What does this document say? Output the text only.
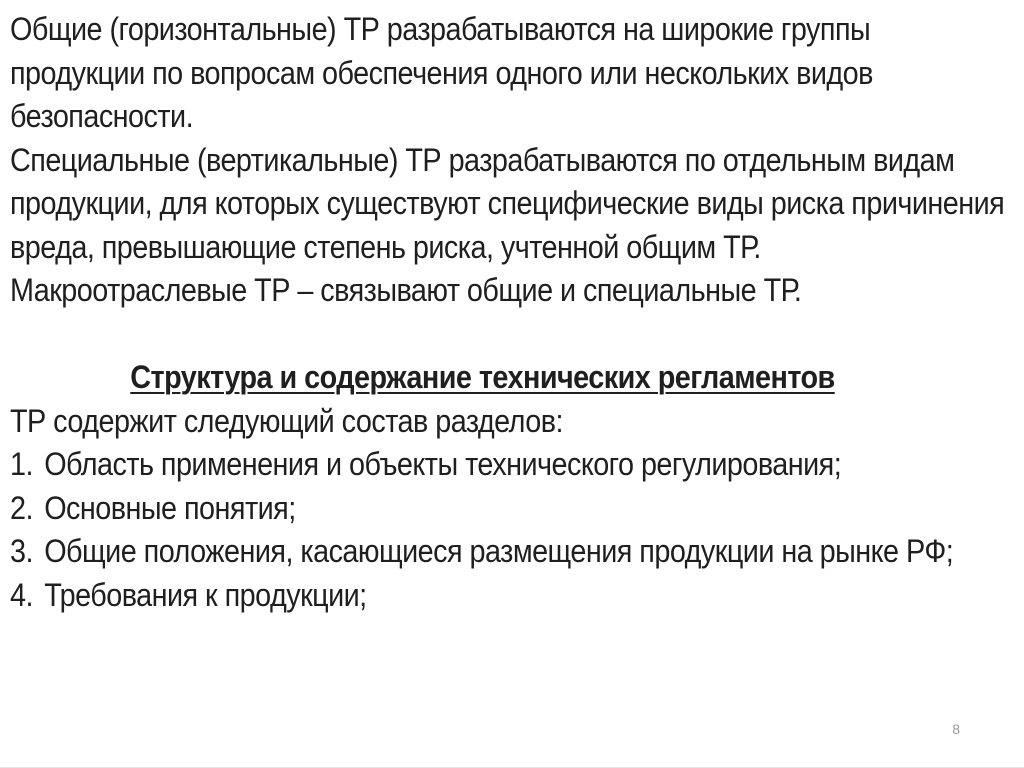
Общие (горизонтальные) ТР разрабатываются на широкие группы продукции по вопросам обеспечения одного или нескольких видов безопасности.

Специальные (вертикальные) ТР разрабатываются по отдельным видам продукции, для которых существуют специфические виды риска причинения вреда, превышающие степень риска, учтенной общим ТР.

Макроотраслевые ТР – связывают общие и специальные ТР.

Структура и содержание технических регламентов

ТР содержит следующий состав разделов:

1. Область применения и объекты технического регулирования;
2. Основные понятия;
3. Общие положения, касающиеся размещения продукции на рынке РФ;
4. Требования к продукции;
8
